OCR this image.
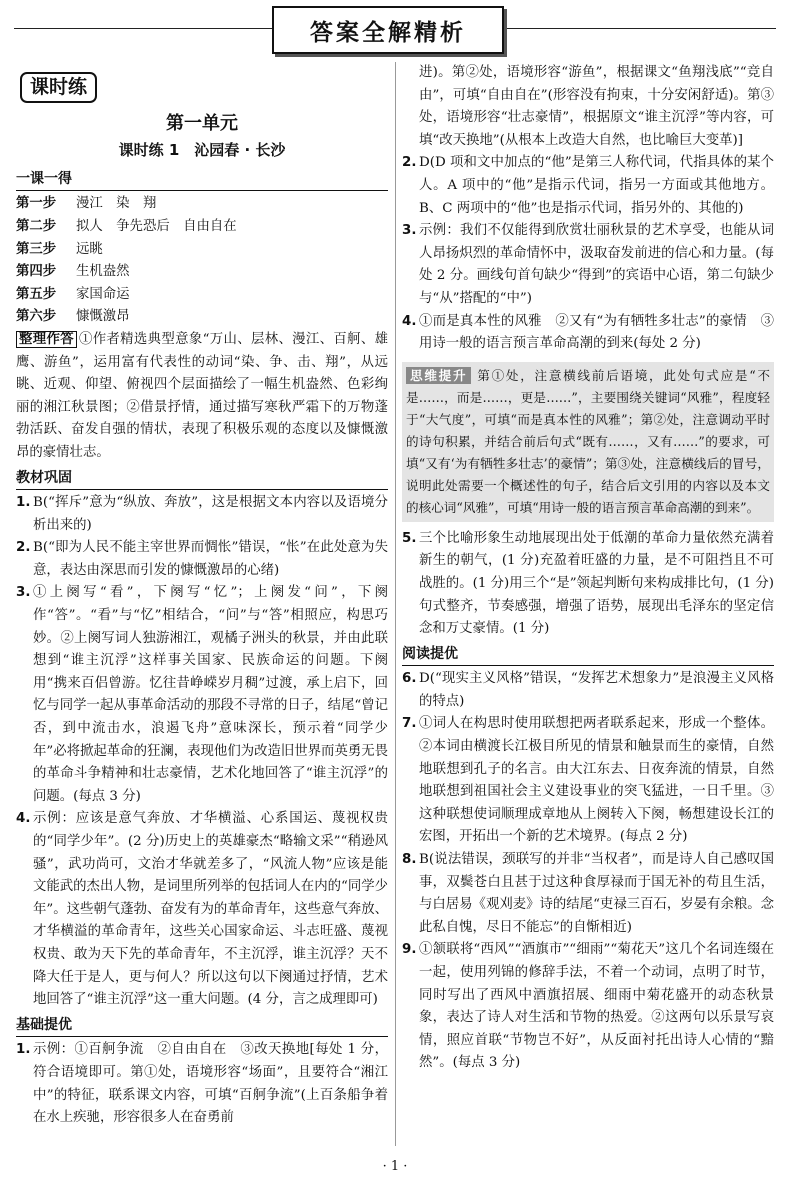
答案全解精析
课时练
第一单元
课时练 1　沁园春 · 长沙
一课一得
第一步	漫江　染　翔
第二步	拟人　争先恐后　自由自在
第三步	远眺
第四步	生机盎然
第五步	家国命运
第六步	慷慨激昂
整理作答 ①作者精选典型意象“万山、层林、漫江、百舸、雄鹰、游鱼”，运用富有代表性的动词“染、争、击、翔”，从远眺、近观、仰望、俯视四个层面描绘了一幅生机盎然、色彩绚丽的湘江秋景图；②借景抒情，通过描写寒秋严霜下的万物蓬勃活跃、奋发自强的情状，表现了积极乐观的态度以及慷慨激昂的豪情壮志。
教材巩固
1. B(“挥斥”意为“纵放、奔放”，这是根据文本内容以及语境分析出来的)
2. B(“即为人民不能主宰世界而惆怅”错误，“怅”在此处意为失意，表达由深思而引发的慷慨激昂的心绪)
3. ①上阕写“看”，下阕写“忆”；上阕发“问”，下阕作“答”。“看”与“忆”相结合，“问”与“答”相照应，构思巧妙。②上阕写词人独游湘江，观橘子洲头的秋景，并由此联想到“谁主沉浮”这样事关国家、民族命运的问题。下阕用“携来百侣曾游。忆往昔峥嵘岁月稠”过渡，承上启下，回忆与同学一起从事革命活动的那段不寻常的日子，结尾“曾记否，到中流击水，浪遏飞舟”意味深长，预示着“同学少年”必将掀起革命的狂澜，表现他们为改造旧世界而英勇无畏的革命斗争精神和壮志豪情，艺术化地回答了“谁主沉浮”的问题。(每点 3 分)
4. 示例：应该是意气奔放、才华横溢、心系国运、蔑视权贵的“同学少年”。(2 分)历史上的英雄豪杰“略输文采”“稍逊风骚”，武功尚可，文治才华就差多了，“风流人物”应该是能文能武的杰出人物，是词里所列举的包括词人在内的“同学少年”。这些朝气蓬勃、奋发有为的革命青年，这些意气奔放、才华横溢的革命青年，这些关心国家命运、斗志旺盛、蔑视权贵、敢为天下先的革命青年，不主沉浮，谁主沉浮？天不降大任于是人，更与何人？所以这句以下阕通过抒情，艺术地回答了“谁主沉浮”这一重大问题。(4 分，言之成理即可)
基础提优
1. 示例：①百舸争流　②自由自在　③改天换地[每处 1 分，符合语境即可。第①处，语境形容“场面”，且要符合“湘江中”的特征，联系课文内容，可填“百舸争流”(上百条船争着在水上疾驰，形容很多人在奋勇前
进)。第②处，语境形容“游鱼”，根据课文“鱼翔浅底”“竞自由”，可填“自由自在”(形容没有拘束，十分安闲舒适)。第③处，语境形容“壮志豪情”，根据原文“谁主沉浮”等内容，可填“改天换地”(从根本上改造大自然，也比喻巨大变革)]
2. D(D 项和文中加点的“他”是第三人称代词，代指具体的某个人。A 项中的“他”是指示代词，指另一方面或其他地方。B、C 两项中的“他”也是指示代词，指另外的、其他的)
3. 示例：我们不仅能得到欣赏壮丽秋景的艺术享受，也能从词人昂扬炽烈的革命情怀中，汲取奋发前进的信心和力量。(每处 2 分。画线句首句缺少“得到”的宾语中心语，第二句缺少与“从”搭配的“中”)
4. ①而是真本性的风雅　②又有“为有牺牲多壮志”的豪情　③用诗一般的语言预言革命高潮的到来(每处 2 分)
思维提升 第①处，注意横线前后语境，此处句式应是“不是……，而是……，更是……”，主要围绕关键词“风雅”，程度轻于“大气度”，可填“而是真本性的风雅”；第②处，注意调动平时的诗句积累，并结合前后句式“既有……，又有……”的要求，可填“又有‘为有牺牲多壮志’的豪情”；第③处，注意横线后的冒号，说明此处需要一个概述性的句子，结合后文引用的内容以及本文的核心词“风雅”，可填“用诗一般的语言预言革命高潮的到来”。
5. 三个比喻形象生动地展现出处于低潮的革命力量依然充满着新生的朝气，(1 分)充盈着旺盛的力量，是不可阻挡且不可战胜的。(1 分)用三个“是”领起判断句来构成排比句，(1 分)句式整齐，节奏感强，增强了语势，展现出毛泽东的坚定信念和万丈豪情。(1 分)
阅读提优
6. D(“现实主义风格”错误，“发挥艺术想象力”是浪漫主义风格的特点)
7. ①词人在构思时使用联想把两者联系起来，形成一个整体。②本词由横渡长江极目所见的情景和触景而生的豪情，自然地联想到孔子的名言。由大江东去、日夜奔流的情景，自然地联想到祖国社会主义建设事业的突飞猛进，一日千里。③这种联想使词顺理成章地从上阕转入下阕，畅想建设长江的宏图，开拓出一个新的艺术境界。(每点 2 分)
8. B(说法错误，颈联写的并非“当权者”，而是诗人自己感叹国事，双鬓苍白且甚于过这种食厚禄而于国无补的苟且生活，与白居易《观刈麦》诗的结尾“吏禄三百石，岁晏有余粮。念此私自愧，尽日不能忘”的自惭相近)
9. ①颔联将“西风”“酒旗市”“细雨”“菊花天”这几个名词连缀在一起，使用列锦的修辞手法，不着一个动词，点明了时节，同时写出了西风中酒旗招展、细雨中菊花盛开的动态秋景象，表达了诗人对生活和节物的热爱。②这两句以乐景写哀情，照应首联“节物岂不好”，从反面衬托出诗人心情的“黯然”。(每点 3 分)
· 1 ·
